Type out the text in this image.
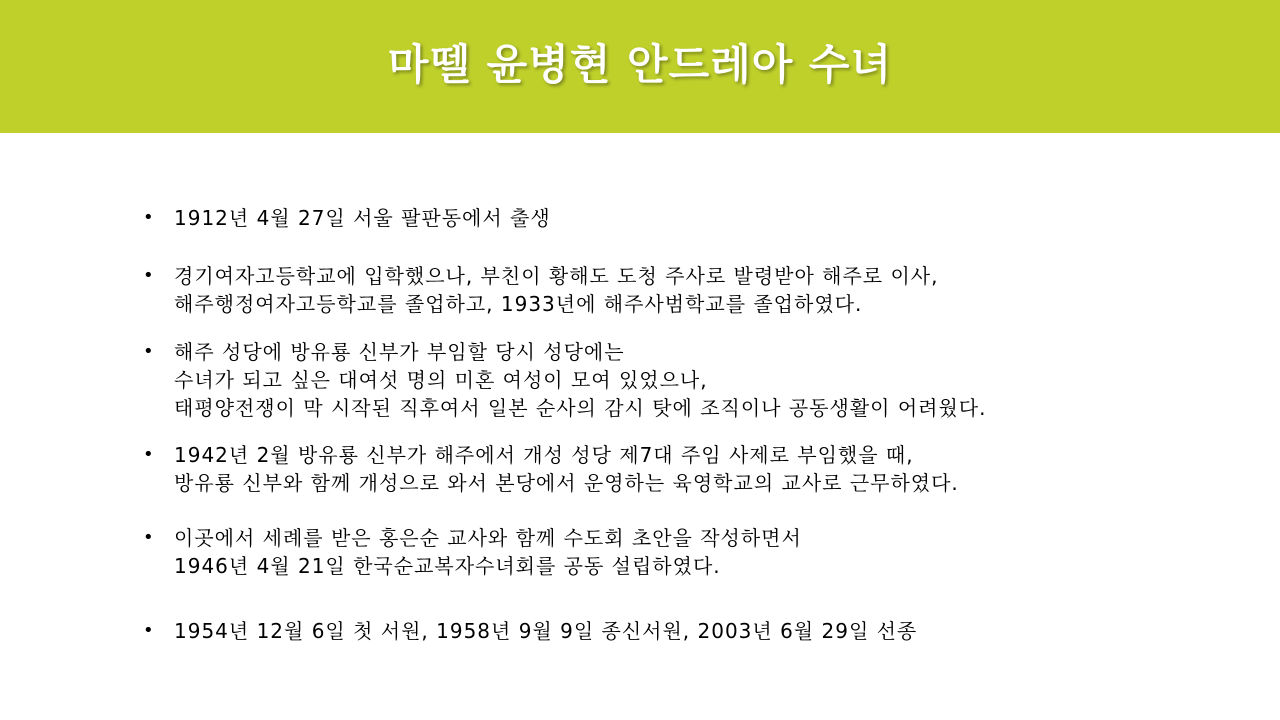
마뗄 윤병현 안드레아 수녀
• 1912년 4월 27일 서울 팔판동에서 출생
• 경기여자고등학교에 입학했으나, 부친이 황해도 도청 주사로 발령받아 해주로 이사,
해주행정여자고등학교를 졸업하고, 1933년에 해주사범학교를 졸업하였다.
• 해주 성당에 방유룡 신부가 부임할 당시 성당에는
수녀가 되고 싶은 대여섯 명의 미혼 여성이 모여 있었으나,
태평양전쟁이 막 시작된 직후여서 일본 순사의 감시 탓에 조직이나 공동생활이 어려웠다.
• 1942년 2월 방유룡 신부가 해주에서 개성 성당 제7대 주임 사제로 부임했을 때,
방유룡 신부와 함께 개성으로 와서 본당에서 운영하는 육영학교의 교사로 근무하였다.
• 이곳에서 세례를 받은 홍은순 교사와 함께 수도회 초안을 작성하면서
1946년 4월 21일 한국순교복자수녀회를 공동 설립하였다.
• 1954년 12월 6일 첫 서원, 1958년 9월 9일 종신서원, 2003년 6월 29일 선종
